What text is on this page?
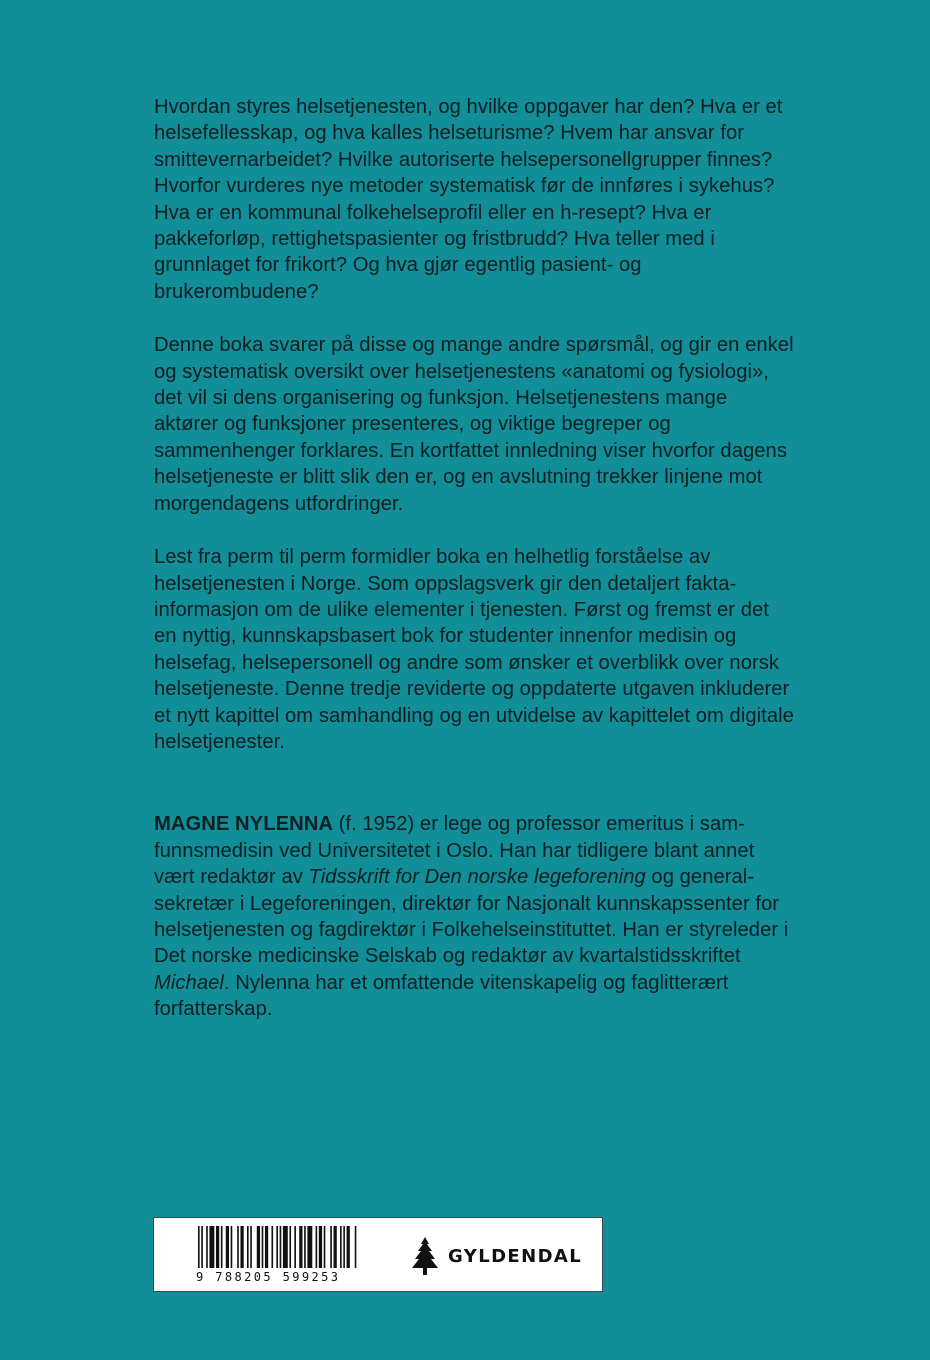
Hvordan styres helsetjenesten, og hvilke oppgaver har den? Hva er et helsefellesskap, og hva kalles helseturisme? Hvem har ansvar for smittevernarbeidet? Hvilke autoriserte helsepersonellgrupper finnes? Hvorfor vurderes nye metoder systematisk før de innføres i sykehus? Hva er en kommunal folkehelseprofil eller en h-resept? Hva er pakkeforløp, rettighetspasienter og fristbrudd? Hva teller med i grunnlaget for frikort? Og hva gjør egentlig pasient- og brukerombudene?

Denne boka svarer på disse og mange andre spørsmål, og gir en enkel og systematisk oversikt over helsetjenestens «anatomi og fysiologi», det vil si dens organisering og funksjon. Helsetjenestens mange aktører og funksjoner presenteres, og viktige begreper og sammenhenger forklares. En kortfattet innledning viser hvorfor dagens helsetjeneste er blitt slik den er, og en avslutning trekker linjene mot morgendagens utfordringer.

Lest fra perm til perm formidler boka en helhetlig forståelse av helsetjenesten i Norge. Som oppslagsverk gir den detaljert faktainformasjon om de ulike elementer i tjenesten. Først og fremst er det en nyttig, kunnskapsbasert bok for studenter innenfor medisin og helsefag, helsepersonell og andre som ønsker et overblikk over norsk helsetjeneste. Denne tredje reviderte og oppdaterte utgaven inkluderer et nytt kapittel om samhandling og en utvidelse av kapittelet om digitale helsetjenester.

MAGNE NYLENNA (f. 1952) er lege og professor emeritus i samfunnsmedisin ved Universitetet i Oslo. Han har tidligere blant annet vært redaktør av Tidsskrift for Den norske legeforening og generalsekretær i Legeforeningen, direktør for Nasjonalt kunnskapssenter for helsetjenesten og fagdirektør i Folkehelseinstituttet. Han er styreleder i Det norske medicinske Selskab og redaktør av kvartalstidsskriftet Michael. Nylenna har et omfattende vitenskapelig og faglitterært forfatterskap.

9 788205 599253
GYLDENDAL
